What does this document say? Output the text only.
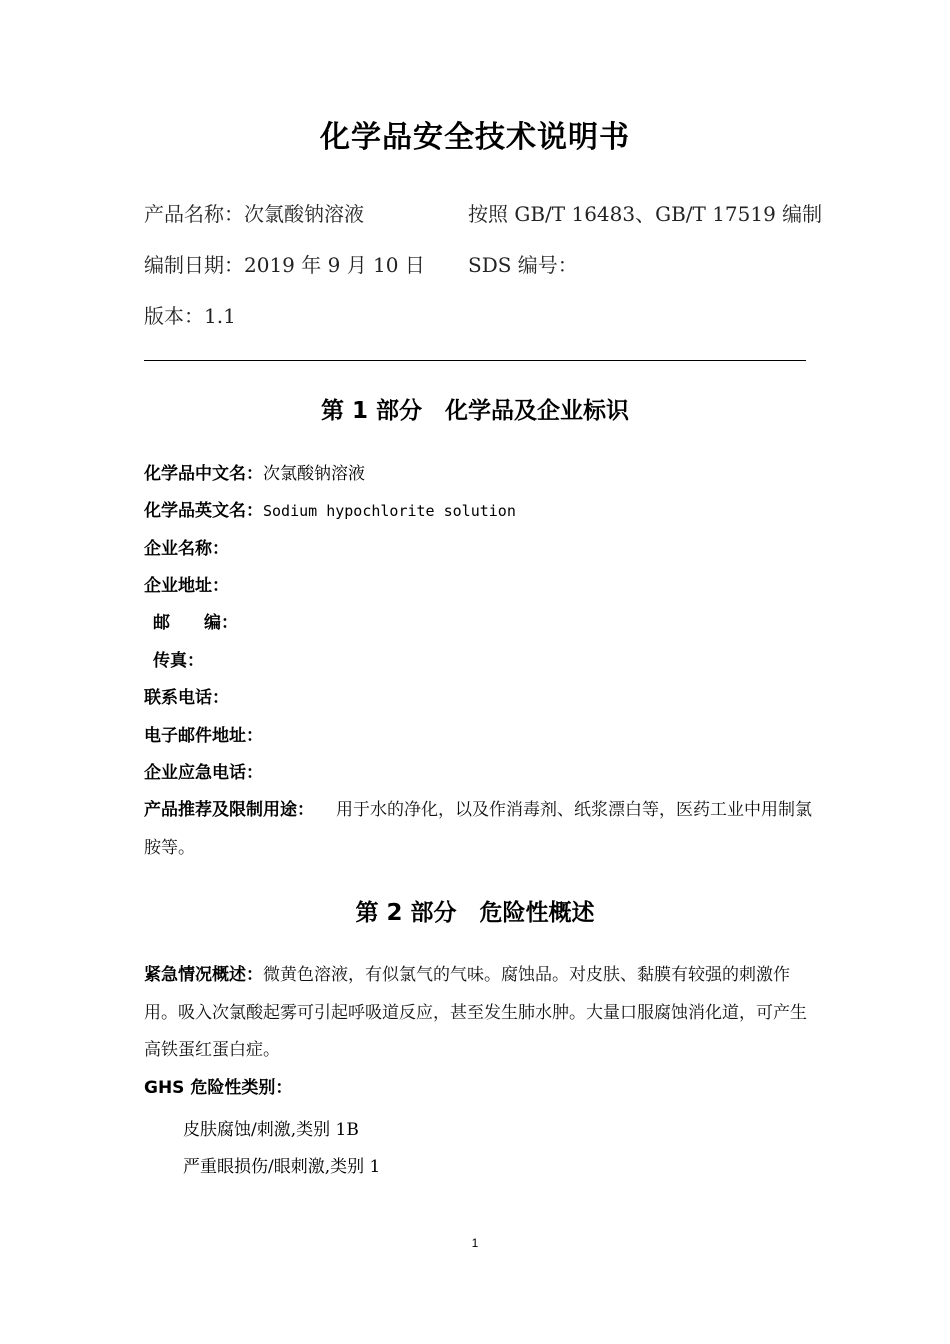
化学品安全技术说明书
产品名称：次氯酸钠溶液	按照 GB/T 16483、GB/T 17519 编制
编制日期：2019 年 9 月 10 日 SDS 编号：
版本：1.1
第 1 部分　化学品及企业标识
化学品中文名：次氯酸钠溶液
化学品英文名：Sodium hypochlorite solution
企业名称：
企业地址：
邮　　编：
传真：
联系电话：
电子邮件地址：
企业应急电话：
产品推荐及限制用途： 用于水的净化，以及作消毒剂、纸浆漂白等，医药工业中用制氯胺等。
第 2 部分　危险性概述
紧急情况概述：微黄色溶液，有似氯气的气味。腐蚀品。对皮肤、黏膜有较强的刺激作用。吸入次氯酸起雾可引起呼吸道反应，甚至发生肺水肿。大量口服腐蚀消化道，可产生高铁蛋红蛋白症。
GHS 危险性类别：
皮肤腐蚀/刺激,类别 1B
严重眼损伤/眼刺激,类别 1
1
